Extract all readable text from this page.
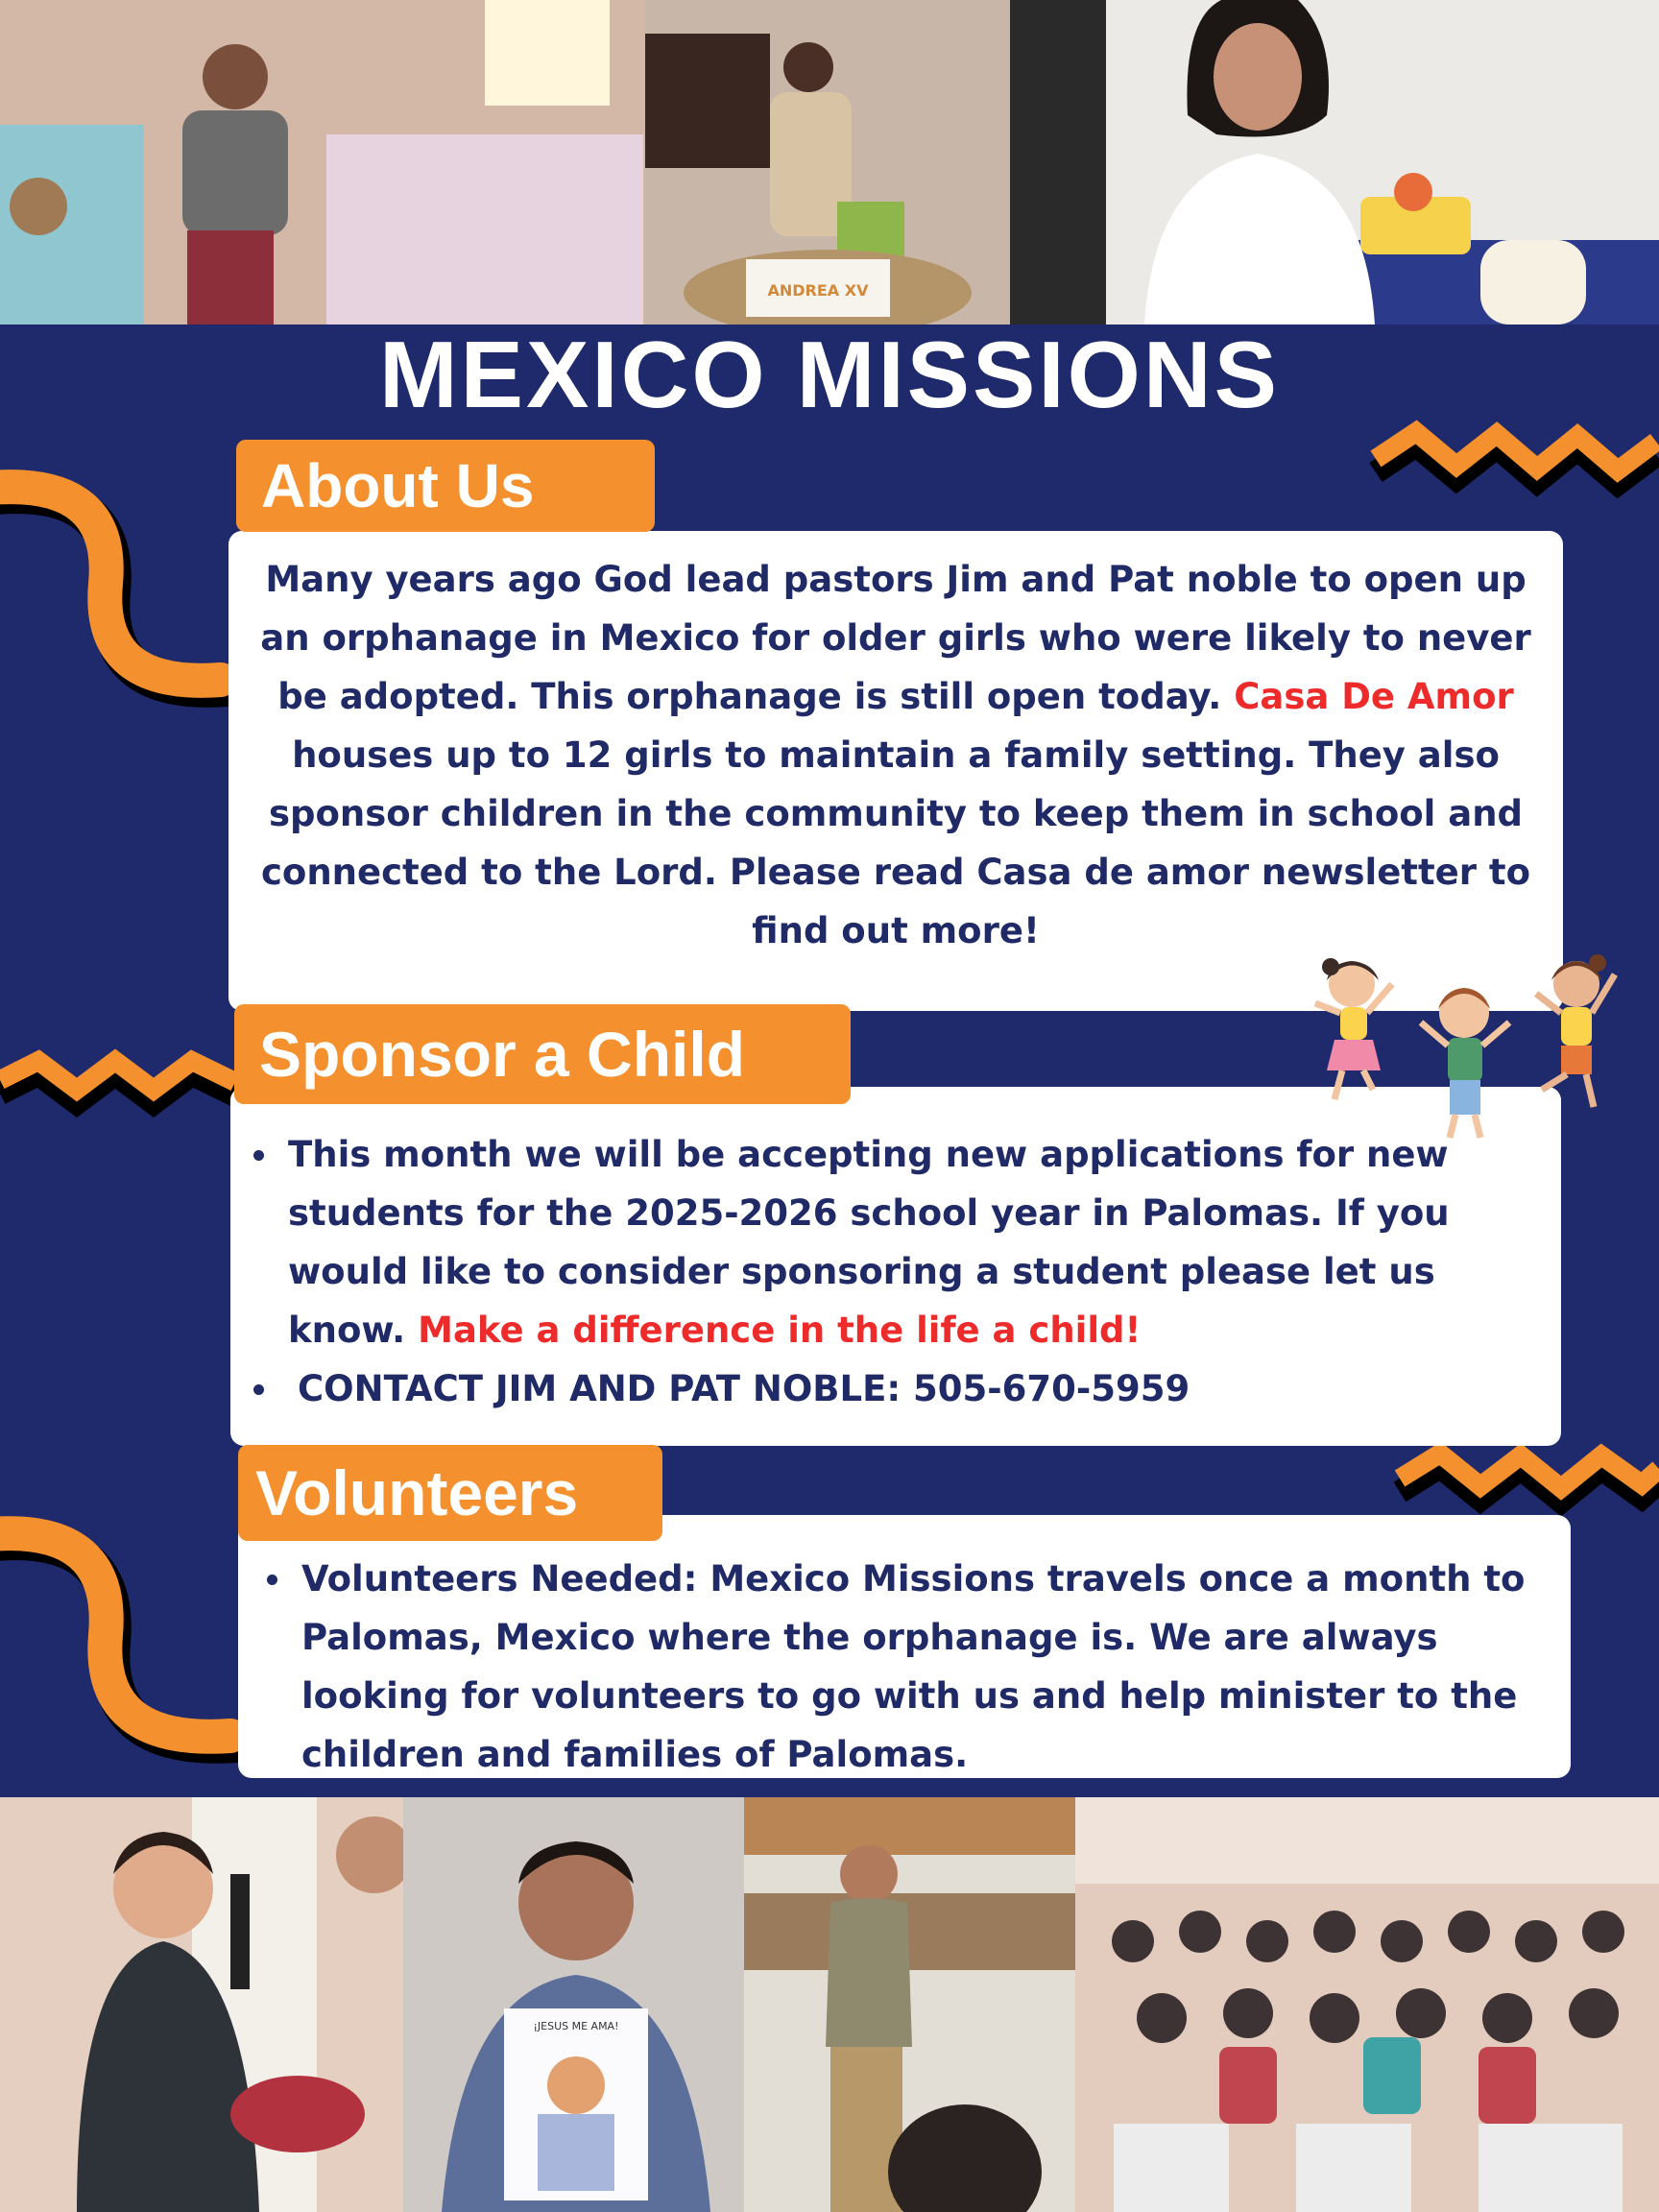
ANDREA XV
MEXICO MISSIONS
Many years ago God lead pastors Jim and Pat noble to open up an orphanage in Mexico for older girls who were likely to never be adopted. This orphanage is still open today. Casa De Amor houses up to 12 girls to maintain a family setting. They also sponsor children in the community to keep them in school and connected to the Lord. Please read Casa de amor newsletter to find out more!
About Us
This month we will be accepting new applications for new students for the 2025-2026 school year in Palomas. If you would like to consider sponsoring a student please let us know. Make a difference in the life a child!
CONTACT JIM AND PAT NOBLE: 505-670-5959
Sponsor a Child
Volunteers Needed: Mexico Missions travels once a month to Palomas, Mexico where the orphanage is. We are always looking for volunteers to go with us and help minister to the children and families of Palomas.
Volunteers
¡JESUS ME AMA!
